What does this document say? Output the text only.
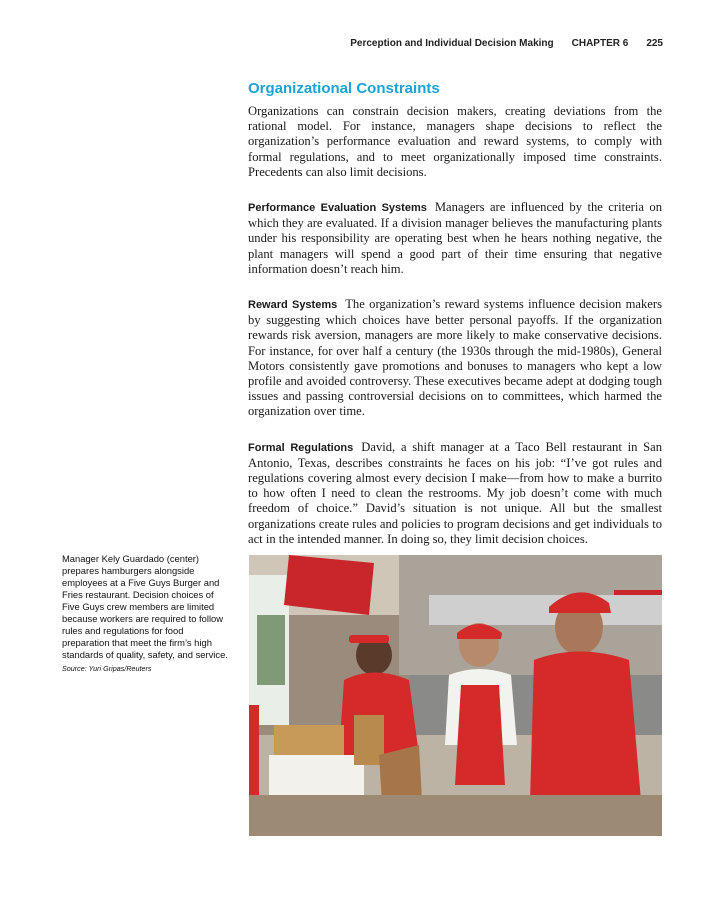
Perception and Individual Decision Making CHAPTER 6 225
Organizational Constraints

Organizations can constrain decision makers, creating deviations from the rational model. For instance, managers shape decisions to reflect the organization’s performance evaluation and reward systems, to comply with formal regulations, and to meet organizationally imposed time constraints. Precedents can also limit decisions.

Performance Evaluation Systems Managers are influenced by the criteria on which they are evaluated. If a division manager believes the manufacturing plants under his responsibility are operating best when he hears nothing negative, the plant managers will spend a good part of their time ensuring that negative information doesn’t reach him.

Reward Systems The organization’s reward systems influence decision makers by suggesting which choices have better personal payoffs. If the organization rewards risk aversion, managers are more likely to make conservative decisions. For instance, for over half a century (the 1930s through the mid-1980s), General Motors consistently gave promotions and bonuses to managers who kept a low profile and avoided controversy. These executives became adept at dodging tough issues and passing controversial decisions on to committees, which harmed the organization over time.

Formal Regulations David, a shift manager at a Taco Bell restaurant in San Antonio, Texas, describes constraints he faces on his job: “I’ve got rules and regulations covering almost every decision I make—from how to make a burrito to how often I need to clean the restrooms. My job doesn’t come with much freedom of choice.” David’s situation is not unique. All but the smallest organizations create rules and policies to program decisions and get individuals to act in the intended manner. In doing so, they limit decision choices.

Manager Kely Guardado (center) prepares hamburgers alongside employees at a Five Guys Burger and Fries restaurant. Decision choices of Five Guys crew members are limited because workers are required to follow rules and regulations for food preparation that meet the firm’s high standards of quality, safety, and service.
Source: Yuri Gripas/Reuters
